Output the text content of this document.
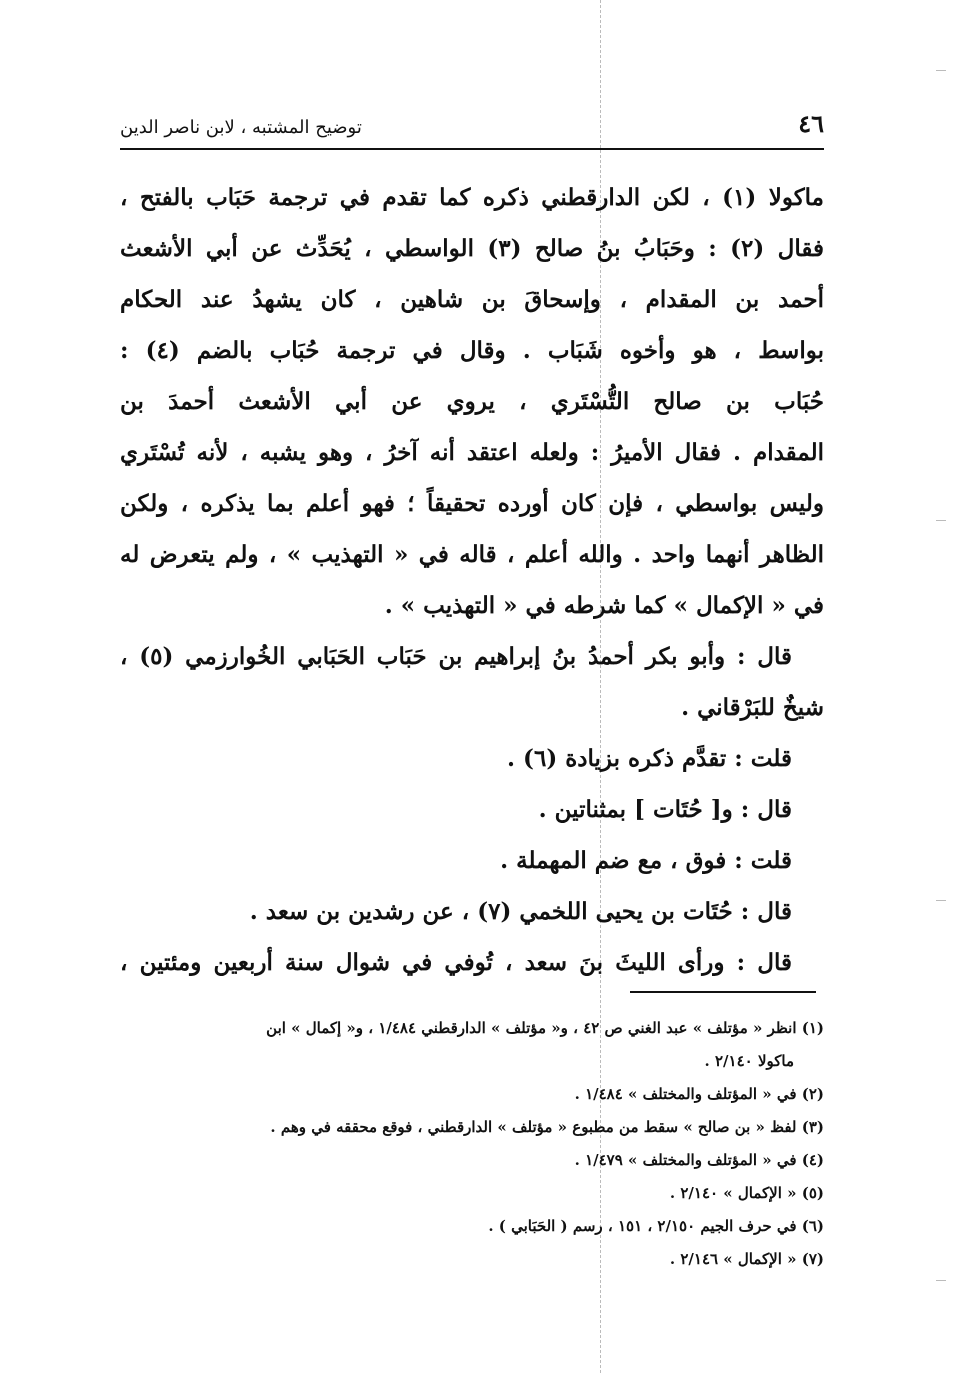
٤٦
توضيح المشتبه ، لابن ناصر الدين
ماكولا (١) ، لكن الدارقطني ذكره كما تقدم في ترجمة حَبَاب بالفتح ،
فقال (٢) : وحَبَابُ بنُ صالح (٣) الواسطي ، يُحَدِّث عن أبي الأشعث
أحمد بن المقدام ، وإسحاقَ بن شاهين ، كان يشهدُ عند الحكام
بواسط ، هو وأخوه شَبَاب . وقال في ترجمة حُبَاب بالضم (٤) :
حُبَاب بن صالح التُّسْتَري ، يروي عن أبي الأشعث أحمدَ بن
المقدام . فقال الأميرُ : ولعله اعتقد أنه آخرُ ، وهو يشبه ، لأنه تُسْتَري
وليس بواسطي ، فإن كان أورده تحقيقاً ؛ فهو أعلم بما يذكره ، ولكن
الظاهر أنهما واحد . والله أعلم ، قاله في « التهذيب » ، ولم يتعرض له
في « الإكمال » كما شرطه في « التهذيب » .
قال : وأبو بكر أحمدُ بنُ إبراهيم بن حَبَاب الحَبَابي الخُوارزمي (٥) ،
شيخٌ للبَرْقاني .
قلت : تقدَّم ذكره بزيادة (٦) .
قال : و[ حُتَات ] بمثناتين .
قلت : فوق ، مع ضم المهملة .
قال : حُتَات بن يحيى اللخمي (٧) ، عن رشدين بن سعد .
قال : ورأى الليثَ بنَ سعد ، تُوفي في شوال سنة أربعين ومئتين ،
(١) انظر « مؤتلف » عبد الغني ص ٤٢ ، و« مؤتلف » الدارقطني ١/٤٨٤ ، و« إكمال » ابن
ماكولا ٢/١٤٠ .
(٢) في « المؤتلف والمختلف » ١/٤٨٤ .
(٣) لفظ « بن صالح » سقط من مطبوع « مؤتلف » الدارقطني ، فوقع محققه في وهم .
(٤) في « المؤتلف والمختلف » ١/٤٧٩ .
(٥) « الإكمال » ٢/١٤٠ .
(٦) في حرف الجيم ٢/١٥٠ ، ١٥١ ، رسم ( الحَبَابي ) .
(٧) « الإكمال » ٢/١٤٦ .
